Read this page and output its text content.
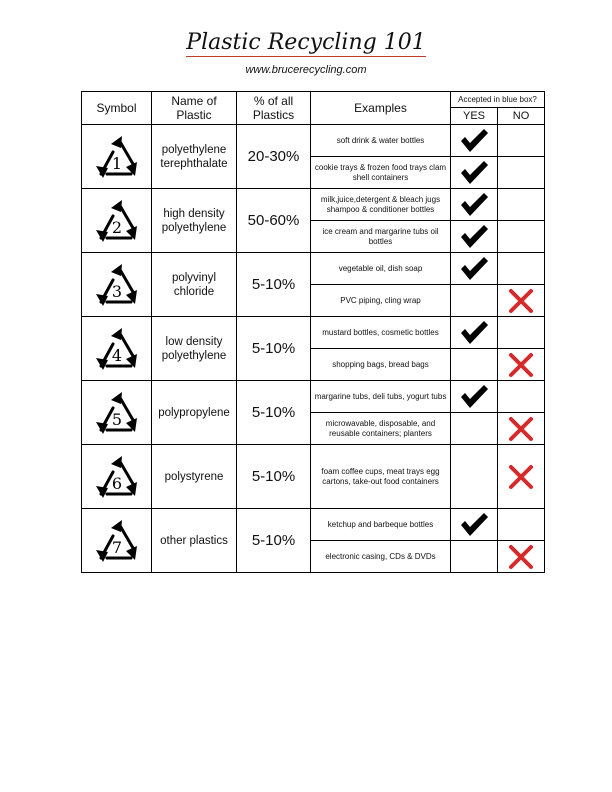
Plastic Recycling 101
www.brucerecycling.com
Symbol	Name of Plastic	% of all Plastics	Examples	Accepted in blue box?	
				YES	NO

1	polyethylene terephthalate	20-30%	soft drink & water bottles	

			cookie trays & frozen food trays clam shell containers	

2	high density polyethylene	50-60%	milk,juice,detergent & bleach jugs shampoo & conditioner bottles	

			ice cream and margarine tubs oil bottles	

3	polyvinyl chloride	5-10%	vegetable oil, dish soap	

			PVC piping, cling wrap		

4	low density polyethylene	5-10%	mustard bottles, cosmetic bottles	

			shopping bags, bread bags		

5	polypropylene	5-10%	margarine tubs, deli tubs, yogurt tubs	

			microwavable, disposable, and reusable containers; planters		

6	polystyrene	5-10%	foam coffee cups, meat trays egg cartons, take-out food containers		

7	other plastics	5-10%	ketchup and barbeque bottles	

			electronic casing, CDs & DVDs		
